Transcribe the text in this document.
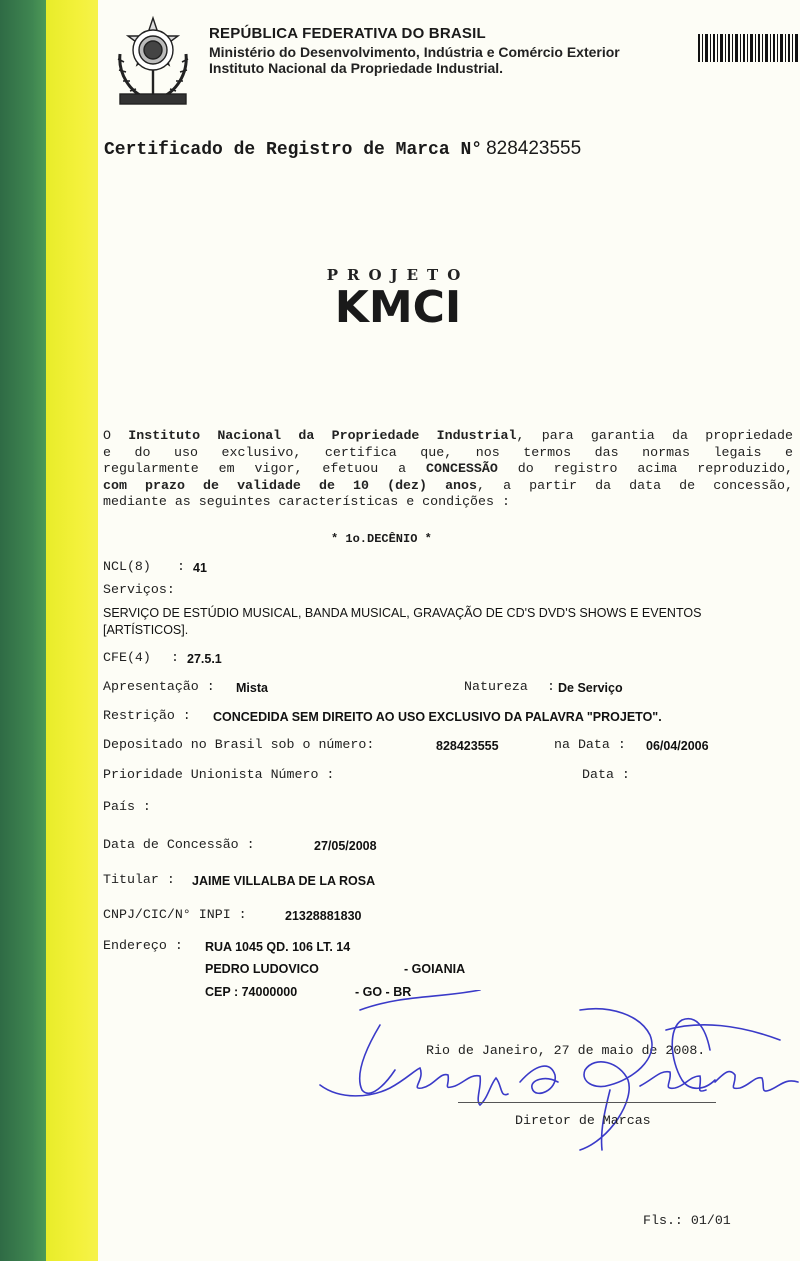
REPÚBLICA FEDERATIVA DO BRASIL
Ministério do Desenvolvimento, Indústria e Comércio Exterior
Instituto Nacional da Propriedade Industrial.
Certificado de Registro de Marca N° 828423555
PROJETO
KMCI
O Instituto Nacional da Propriedade Industrial, para garantia da propriedade
e do uso exclusivo, certifica que, nos termos das normas legais e
regularmente em vigor, efetuou a CONCESSÃO do registro acima reproduzido,
com prazo de validade de 10 (dez) anos, a partir da data de concessão,
mediante as seguintes características e condições :
* 1o.DECÊNIO *
NCL(8) : 41
Serviços:
SERVIÇO DE ESTÚDIO MUSICAL, BANDA MUSICAL, GRAVAÇÃO DE CD'S DVD'S SHOWS E EVENTOS
[ARTÍSTICOS].
CFE(4) : 27.5.1
Apresentação : Mista	Natureza : De Serviço
Restrição : CONCEDIDA SEM DIREITO AO USO EXCLUSIVO DA PALAVRA "PROJETO".
Depositado no Brasil sob o número:	828423555	na Data : 06/04/2006
Prioridade Unionista Número :	Data :
País :
Data de Concessão :	27/05/2008
Titular : JAIME VILLALBA DE LA ROSA
CNPJ/CIC/N° INPI :	21328881830
Endereço : RUA 1045 QD. 106 LT. 14
PEDRO LUDOVICO	- GOIANIA
CEP : 74000000	- GO - BR
Rio de Janeiro, 27 de maio de 2008.
Diretor de Marcas
Fls.: 01/01
